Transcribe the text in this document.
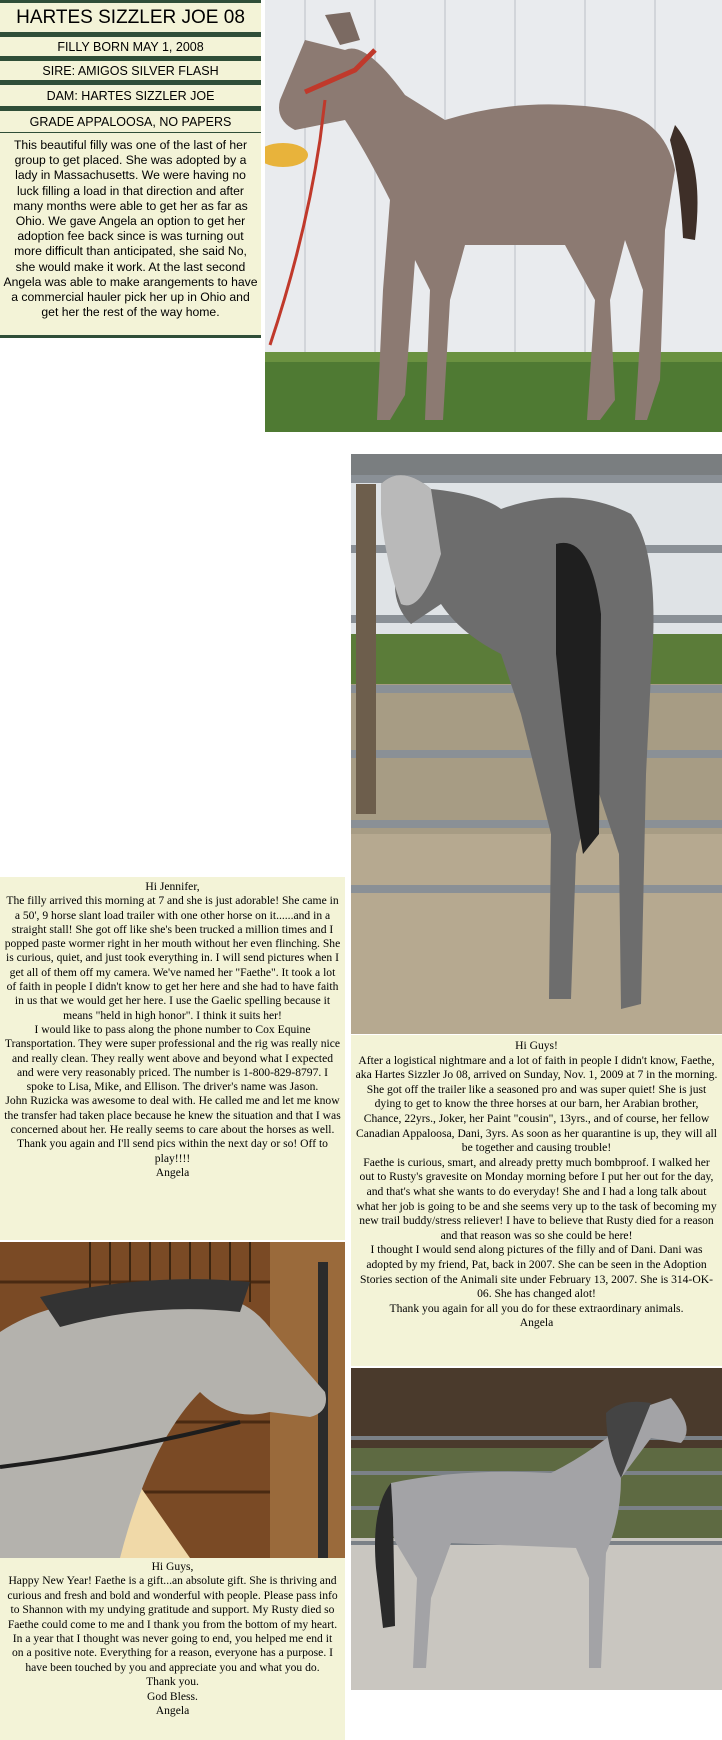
HARTES SIZZLER JOE 08
FILLY BORN MAY 1, 2008
SIRE: AMIGOS SILVER FLASH
DAM: HARTES SIZZLER JOE
GRADE APPALOOSA, NO PAPERS
This beautiful filly was one of the last of her group to get placed. She was adopted by a lady in Massachusetts. We were having no luck filling a load in that direction and after many months were able to get her as far as Ohio. We gave Angela an option to get her adoption fee back since is was turning out more difficult than anticipated, she said No, she would make it work. At the last second Angela was able to make arangements to have a commercial hauler pick her up in Ohio and get her the rest of the way home.

Hi Jennifer,

The filly arrived this morning at 7 and she is just adorable! She came in a 50', 9 horse slant load trailer with one other horse on it......and in a straight stall! She got off like she's been trucked a million times and I popped paste wormer right in her mouth without her even flinching. She is curious, quiet, and just took everything in. I will send pictures when I get all of them off my camera. We've named her "Faethe". It took a lot of faith in people I didn't know to get her here and she had to have faith in us that we would get her here. I use the Gaelic spelling because it means "held in high honor". I think it suits her!

I would like to pass along the phone number to Cox Equine Transportation. They were super professional and the rig was really nice and really clean. They really went above and beyond what I expected and were very reasonably priced. The number is 1-800-829-8797. I spoke to Lisa, Mike, and Ellison. The driver's name was Jason.

John Ruzicka was awesome to deal with. He called me and let me know the transfer had taken place because he knew the situation and that I was concerned about her. He really seems to care about the horses as well.

Thank you again and I'll send pics within the next day or so! Off to play!!!!

Angela

Hi Guys!

After a logistical nightmare and a lot of faith in people I didn't know, Faethe, aka Hartes Sizzler Jo 08, arrived on Sunday, Nov. 1, 2009 at 7 in the morning. She got off the trailer like a seasoned pro and was super quiet! She is just dying to get to know the three horses at our barn, her Arabian brother, Chance, 22yrs., Joker, her Paint "cousin", 13yrs., and of course, her fellow Canadian Appaloosa, Dani, 3yrs. As soon as her quarantine is up, they will all be together and causing trouble!

Faethe is curious, smart, and already pretty much bombproof. I walked her out to Rusty's gravesite on Monday morning before I put her out for the day, and that's what she wants to do everyday! She and I had a long talk about what her job is going to be and she seems very up to the task of becoming my new trail buddy/stress reliever! I have to believe that Rusty died for a reason and that reason was so she could be here!

I thought I would send along pictures of the filly and of Dani. Dani was adopted by my friend, Pat, back in 2007. She can be seen in the Adoption Stories section of the Animali site under February 13, 2007. She is 314-OK-06. She has changed alot!

Thank you again for all you do for these extraordinary animals.

Angela

Hi Guys,

Happy New Year! Faethe is a gift...an absolute gift. She is thriving and curious and fresh and bold and wonderful with people. Please pass info to Shannon with my undying gratitude and support. My Rusty died so Faethe could come to me and I thank you from the bottom of my heart. In a year that I thought was never going to end, you helped me end it on a positive note. Everything for a reason, everyone has a purpose. I have been touched by you and appreciate you and what you do.

Thank you.

God Bless.

Angela
